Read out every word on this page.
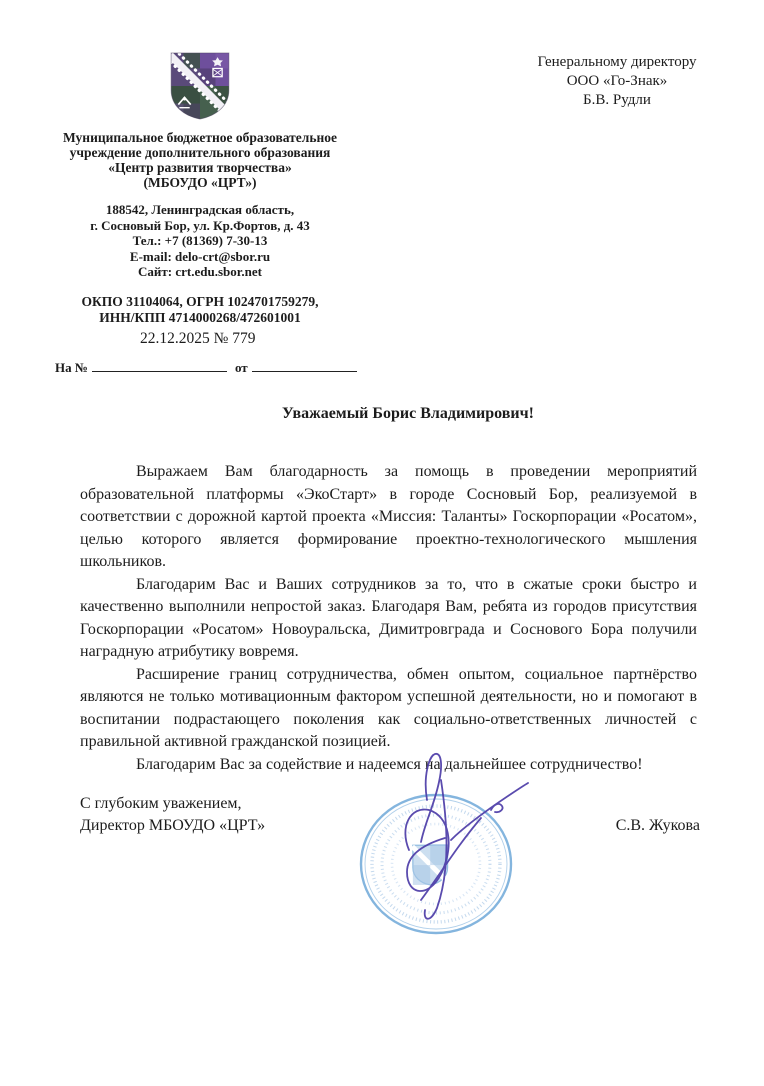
Генеральному директору
ООО «Го-Знак»
Б.В. Рудли
Муниципальное бюджетное образовательное
учреждение дополнительного образования
«Центр развития творчества»
(МБОУДО «ЦРТ»)
188542, Ленинградская область,
г. Сосновый Бор, ул. Кр.Фортов, д. 43
Тел.: +7 (81369) 7-30-13
E-mail: delo-crt@sbor.ru
Сайт: crt.edu.sbor.net
ОКПО 31104064, ОГРН 1024701759279,
ИНН/КПП 4714000268/472601001
22.12.2025 № 779
На №	от
Уважаемый Борис Владимирович!

Выражаем Вам благодарность за помощь в проведении мероприятий образовательной платформы «ЭкоСтарт» в городе Сосновый Бор, реализуемой в соответствии с дорожной картой проекта «Миссия: Таланты» Госкорпорации «Росатом», целью которого является формирование проектно-технологического мышления школьников.

Благодарим Вас и Ваших сотрудников за то, что в сжатые сроки быстро и качественно выполнили непростой заказ. Благодаря Вам, ребята из городов присутствия Госкорпорации «Росатом» Новоуральска, Димитровграда и Соснового Бора получили наградную атрибутику вовремя.

Расширение границ сотрудничества, обмен опытом, социальное партнёрство являются не только мотивационным фактором успешной деятельности, но и помогают в воспитании подрастающего поколения как социально-ответственных личностей с правильной активной гражданской позицией.

Благодарим Вас за содействие и надеемся на дальнейшее сотрудничество!

С глубоким уважением,
Директор МБОУДО «ЦРТ»	С.В. Жукова
